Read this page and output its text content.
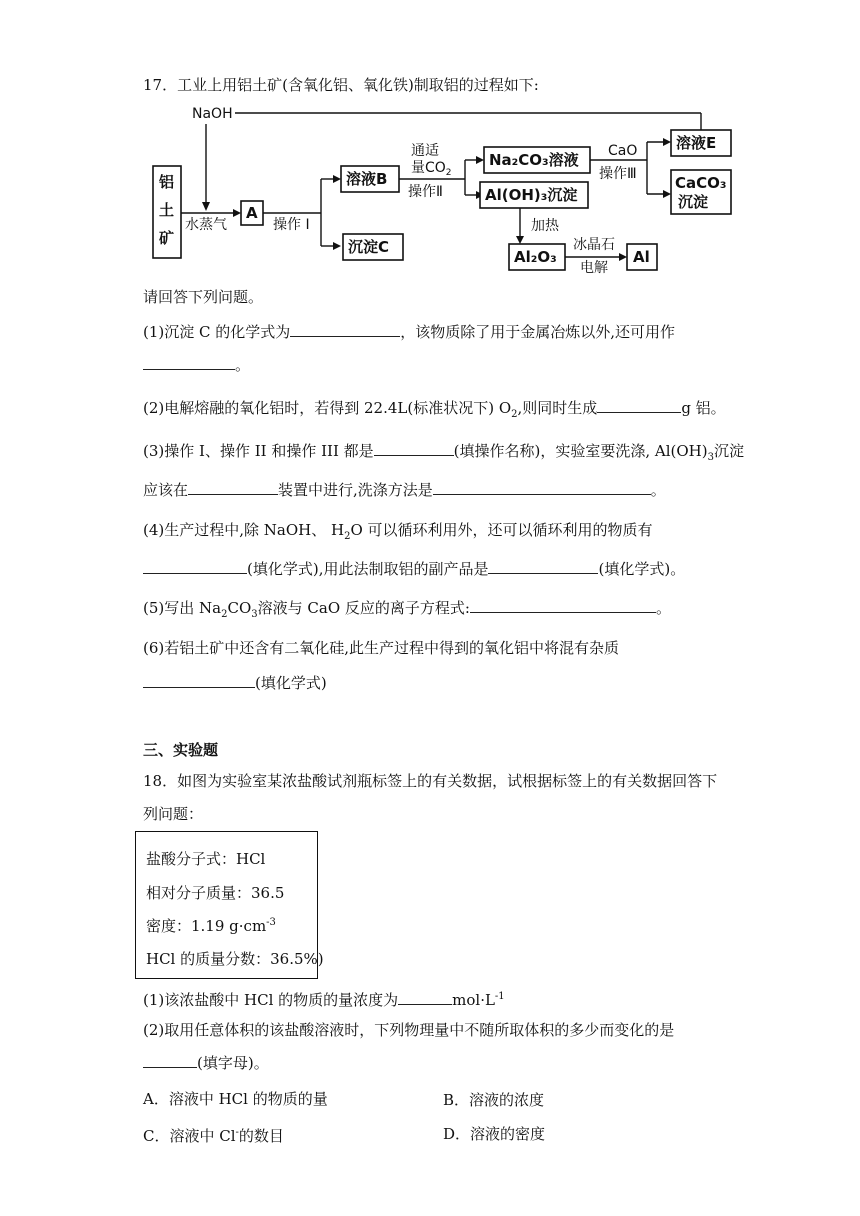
17．工业上用铝土矿(含氧化铝、氧化铁)制取铝的过程如下:
NaOH
铝
土
矿
水蒸气
A
操作 I
溶液B
沉淀C
通适
量$CO_2$
操作Ⅱ
Na₂CO₃溶液
Al(OH)₃沉淀
CaO
操作Ⅲ
溶液E
CaCO₃
沉淀
加热
Al₂O₃
冰晶石
电解
Al
请回答下列问题。
(1)沉淀 C 的化学式为	，该物质除了用于金属冶炼以外,还可用作
。
(2)电解熔融的氧化铝时，若得到 22.4L(标准状况下) $O_2$,则同时生成	g 铝。
(3)操作 I、操作 II 和操作 III 都是	(填操作名称)，实验室要洗涤, $Al(OH)_3$沉淀
应该在	装置中进行,洗涤方法是	。
(4)生产过程中,除 NaOH、 $H_2O$ 可以循环利用外，还可以循环利用的物质有
(填化学式),用此法制取铝的副产品是	(填化学式)。
(5)写出 $Na_2CO_3$溶液与 CaO 反应的离子方程式:	。
(6)若铝土矿中还含有二氧化硅,此生产过程中得到的氧化铝中将混有杂质
(填化学式)
三、实验题
18．如图为实验室某浓盐酸试剂瓶标签上的有关数据，试根据标签上的有关数据回答下
列问题：
盐酸分子式：HCl
相对分子质量：36.5
密度：1.19 $g\cdot cm^{-3}$
HCl 的质量分数：36.5%)
(1)该浓盐酸中 HCl 的物质的量浓度为	$mol\cdot L^{-1}$
(2)取用任意体积的该盐酸溶液时，下列物理量中不随所取体积的多少而变化的是
(填字母)。
A．溶液中 HCl 的物质的量	B．溶液的浓度
C．溶液中 Cl-的数目	D．溶液的密度
